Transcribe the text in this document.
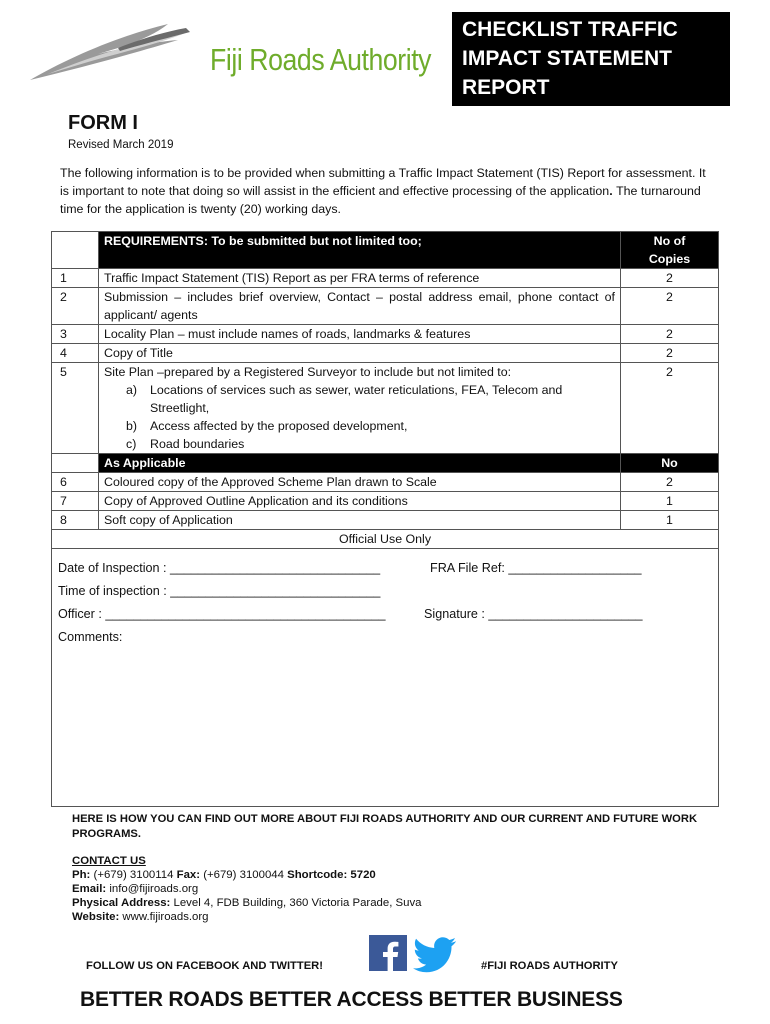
Fiji Roads Authority
CHECKLIST TRAFFIC
IMPACT STATEMENT
REPORT
FORM I
Revised March 2019

The following information is to be provided when submitting a Traffic Impact Statement (TIS) Report for assessment. It is important to note that doing so will assist in the efficient and effective processing of the application. The turnaround time for the application is twenty (20) working days.

	REQUIREMENTS: To be submitted but not limited too;	No of
Copies

1	Traffic Impact Statement (TIS) Report as per FRA terms of reference	2
2	Submission – includes brief overview, Contact – postal address email, phone contact of applicant/ agents	2
3	Locality Plan – must include names of roads, landmarks & features	2
4	Copy of Title	2
5	Site Plan –prepared by a Registered Surveyor to include but not limited to:
a) Locations of services such as sewer, water reticulations, FEA, Telecom and
Streetlight,
b) Access affected by the proposed development,
c) Road boundaries	2
	As Applicable	No
6	Coloured copy of the Approved Scheme Plan drawn to Scale	2
7	Copy of Approved Outline Application and its conditions	1
8	Soft copy of Application	1
Official Use Only		
Date of Inspection : ______________________________	FRA File Ref: ___________________
Time of inspection : ______________________________
Officer : ________________________________________	Signature : ______________________
Comments:
HERE IS HOW YOU CAN FIND OUT MORE ABOUT FIJI ROADS AUTHORITY AND OUR CURRENT AND FUTURE WORK PROGRAMS.
CONTACT US
Ph: (+679) 3100114 Fax: (+679) 3100044 Shortcode: 5720
Email: info@fijiroads.org
Physical Address: Level 4, FDB Building, 360 Victoria Parade, Suva
Website: www.fijiroads.org
FOLLOW US ON FACEBOOK AND TWITTER!	#FIJI ROADS AUTHORITY
BETTER ROADS BETTER ACCESS BETTER BUSINESS
